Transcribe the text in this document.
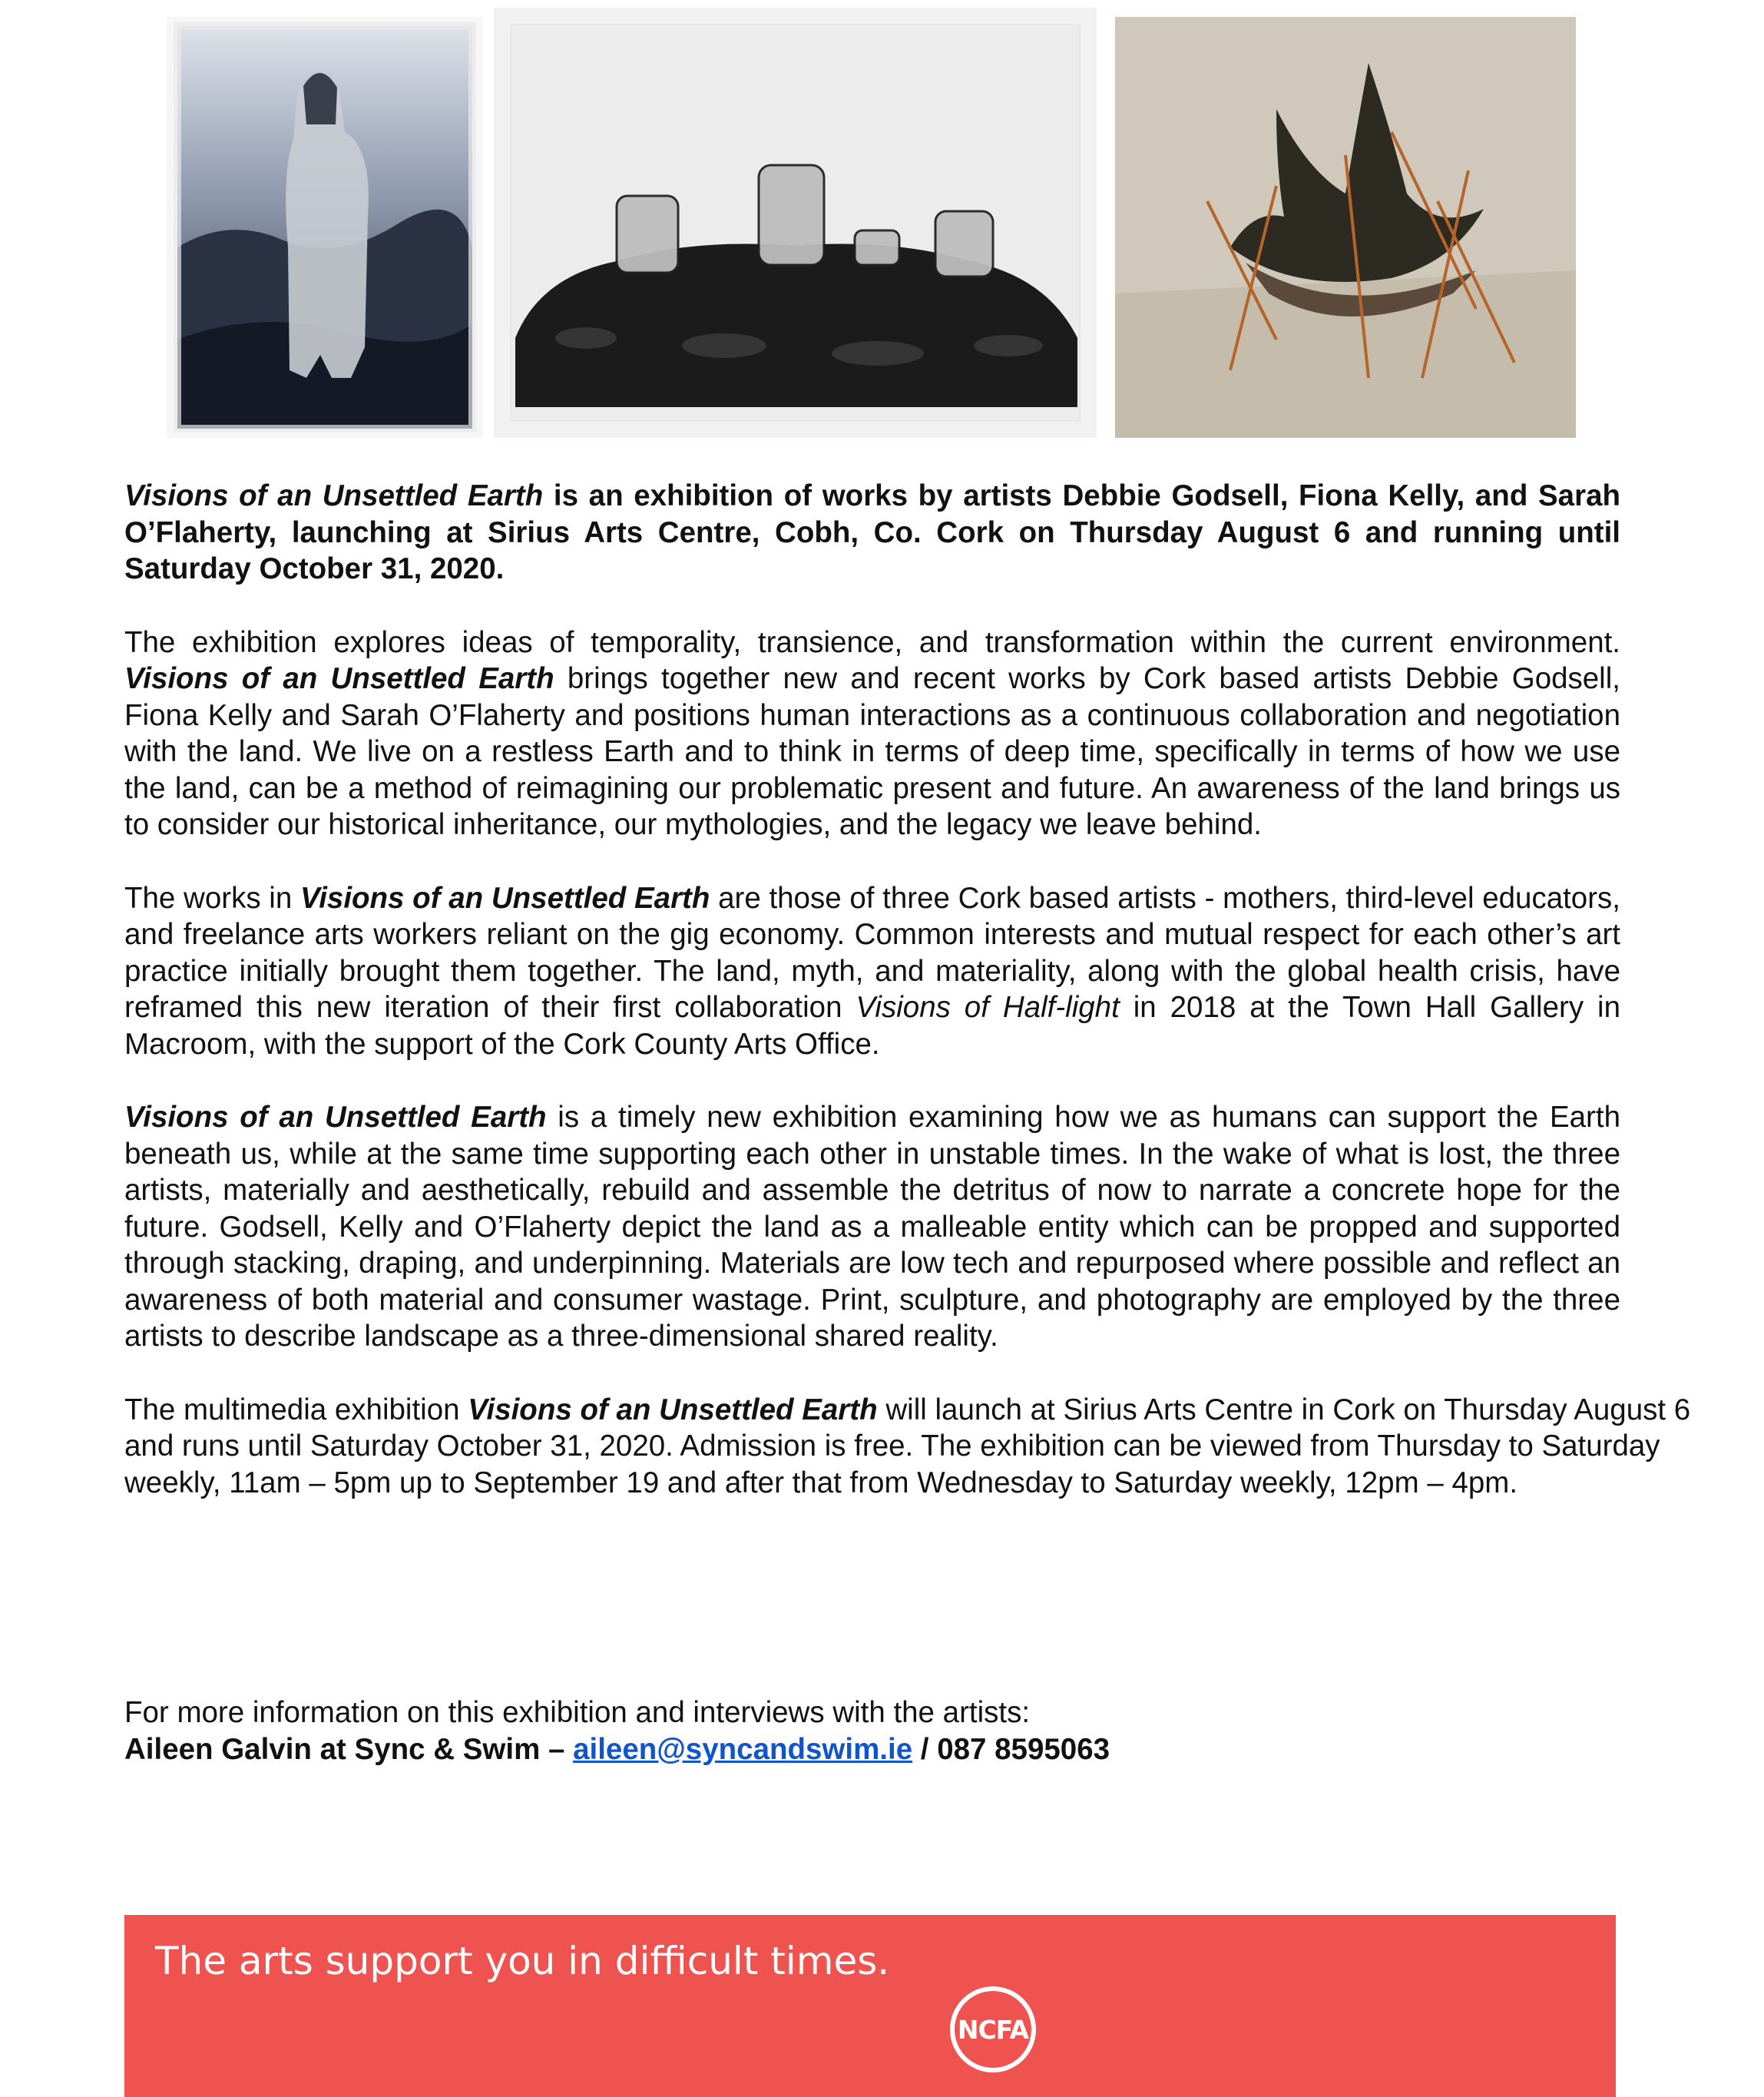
Visions of an Unsettled Earth is an exhibition of works by artists Debbie Godsell, Fiona Kelly, and Sarah O’Flaherty, launching at Sirius Arts Centre, Cobh, Co. Cork on Thursday August 6 and running until Saturday October 31, 2020.

The exhibition explores ideas of temporality, transience, and transformation within the current environment. Visions of an Unsettled Earth brings together new and recent works by Cork based artists Debbie Godsell, Fiona Kelly and Sarah O’Flaherty and positions human interactions as a continuous collaboration and negotiation with the land. We live on a restless Earth and to think in terms of deep time, specifically in terms of how we use the land, can be a method of reimagining our problematic present and future. An awareness of the land brings us to consider our historical inheritance, our mythologies, and the legacy we leave behind.

The works in Visions of an Unsettled Earth are those of three Cork based artists - mothers, third-level educators, and freelance arts workers reliant on the gig economy. Common interests and mutual respect for each other’s art practice initially brought them together. The land, myth, and materiality, along with the global health crisis, have reframed this new iteration of their first collaboration Visions of Half-light in 2018 at the Town Hall Gallery in Macroom, with the support of the Cork County Arts Office.

Visions of an Unsettled Earth is a timely new exhibition examining how we as humans can support the Earth beneath us, while at the same time supporting each other in unstable times. In the wake of what is lost, the three artists, materially and aesthetically, rebuild and assemble the detritus of now to narrate a concrete hope for the future. Godsell, Kelly and O’Flaherty depict the land as a malleable entity which can be propped and supported through stacking, draping, and underpinning. Materials are low tech and repurposed where possible and reflect an awareness of both material and consumer wastage. Print, sculpture, and photography are employed by the three artists to describe landscape as a three-dimensional shared reality.

The multimedia exhibition Visions of an Unsettled Earth will launch at Sirius Arts Centre in Cork on Thursday August 6 and runs until Saturday October 31, 2020. Admission is free. The exhibition can be viewed from Thursday to Saturday weekly, 11am – 5pm up to September 19 and after that from Wednesday to Saturday weekly, 12pm – 4pm.

For more information on this exhibition and interviews with the artists:

Aileen Galvin at Sync & Swim – aileen@syncandswim.ie / 087 8595063

The arts support you in difficult times.
NCFA
